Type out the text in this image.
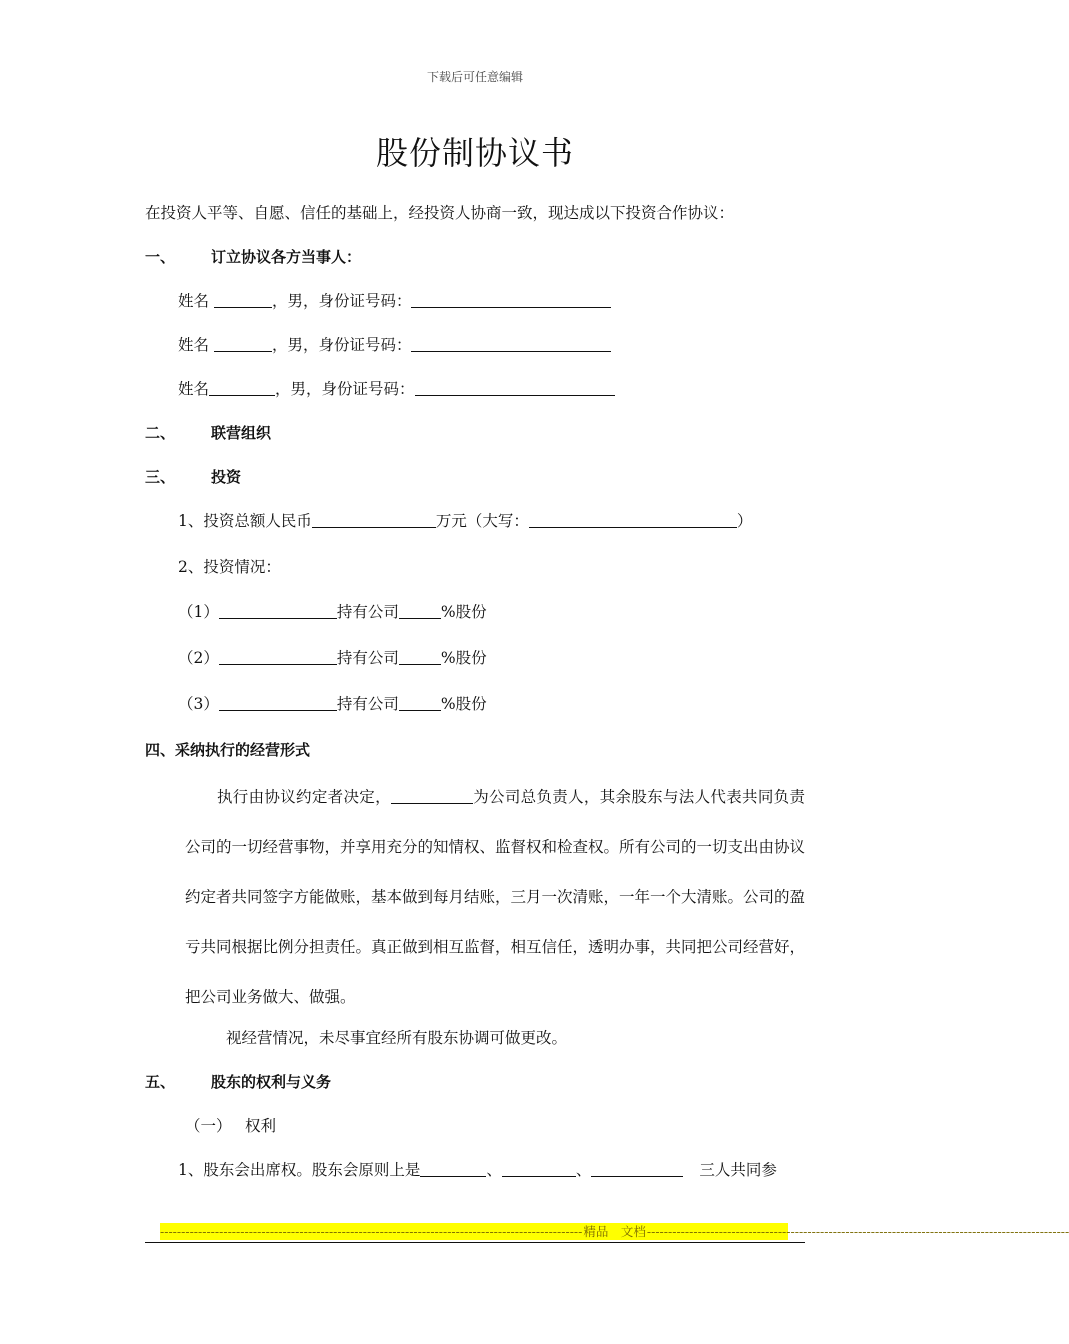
下载后可任意编辑
股份制协议书
在投资人平等、自愿、信任的基础上，经投资人协商一致，现达成以下投资合作协议：
一、 订立协议各方当事人：
姓名	，男，身份证号码：
姓名	，男，身份证号码：
姓名	，男，身份证号码：
二、 联营组织
三、 投资
1、投资总额人民币	万元（大写：	）
2、投资情况：
（1）	持有公司	%股份
（2）	持有公司	%股份
（3）	持有公司	%股份
四、采纳执行的经营形式
执行由协议约定者决定，	为公司总负责人，其余股东与法人代表共同负责公司的一切经营事物，并享用充分的知情权、监督权和检查权。所有公司的一切支出由协议约定者共同签字方能做账，基本做到每月结账，三月一次清账，一年一个大清账。公司的盈亏共同根据比例分担责任。真正做到相互监督，相互信任，透明办事，共同把公司经营好，把公司业务做大、做强。
视经营情况，未尽事宜经所有股东协调可做更改。
五、 股东的权利与义务
（一） 权利
1、股东会出席权。股东会原则上是	、	、	三人共同参
---------------------------------------------------------------------------------------------------- 精品　文档 ----------------------------------------------------------------------------------------------------
